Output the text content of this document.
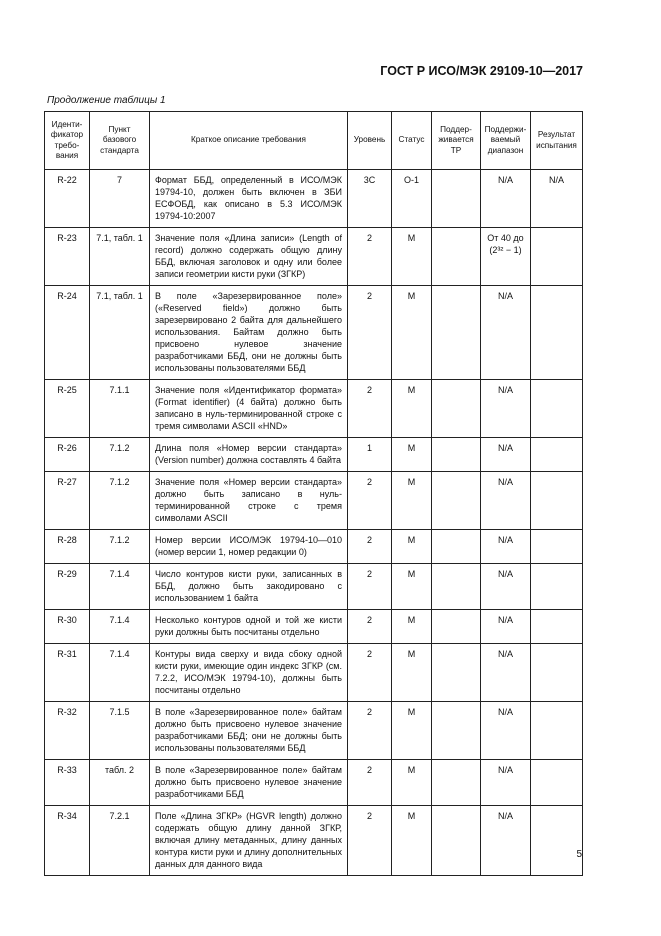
ГОСТ Р ИСО/МЭК 29109-10—2017
Продолжение таблицы 1
Иденти-фикатор требо-вания	Пункт базового стандарта	Краткое описание требования	Уровень	Статус	Поддер-живается ТР	Поддержи-ваемый диапазон	Результат испытания
R-22	7	Формат ББД, определенный в ИСО/МЭК 19794-10, должен быть включен в ЗБИ ЕСФОБД, как описано в 5.3 ИСО/МЭК 19794-10:2007	3С	О-1		N/A	N/A
R-23	7.1, табл. 1	Значение поля «Длина записи» (Length of record) должно содержать общую длину ББД, включая заголовок и одну или более записи геометрии кисти руки (ЗГКР)	2	М		От 40 до (2³² − 1)	
R-24	7.1, табл. 1	В поле «Зарезервированное поле» («Reserved field») должно быть зарезервировано 2 байта для дальнейшего использования. Байтам должно быть присвоено нулевое значение разработчиками ББД, они не должны быть использованы пользователями ББД	2	М		N/A	
R-25	7.1.1	Значение поля «Идентификатор формата» (Format identifier) (4 байта) должно быть записано в нуль-терминированной строке с тремя символами ASCII «HND»	2	М		N/A	
R-26	7.1.2	Длина поля «Номер версии стандарта» (Version number) должна составлять 4 байта	1	М		N/A	
R-27	7.1.2	Значение поля «Номер версии стандарта» должно быть записано в нуль-терминированной строке с тремя символами ASCII	2	М		N/A	
R-28	7.1.2	Номер версии ИСО/МЭК 19794-10—010 (номер версии 1, номер редакции 0)	2	М		N/A	
R-29	7.1.4	Число контуров кисти руки, записанных в ББД, должно быть закодировано с использованием 1 байта	2	М		N/A	
R-30	7.1.4	Несколько контуров одной и той же кисти руки должны быть посчитаны отдельно	2	М		N/A	
R-31	7.1.4	Контуры вида сверху и вида сбоку одной кисти руки, имеющие один индекс ЗГКР (см. 7.2.2, ИСО/МЭК 19794-10), должны быть посчитаны отдельно	2	М		N/A	
R-32	7.1.5	В поле «Зарезервированное поле» байтам должно быть присвоено нулевое значение разработчиками ББД; они не должны быть использованы пользователями ББД	2	М		N/A	
R-33	табл. 2	В поле «Зарезервированное поле» байтам должно быть присвоено нулевое значение разработчиками ББД	2	М		N/A	
R-34	7.2.1	Поле «Длина ЗГКР» (HGVR length) должно содержать общую длину данной ЗГКР, включая длину метаданных, длину данных контура кисти руки и длину дополнительных данных для данного вида	2	М		N/A	
5
